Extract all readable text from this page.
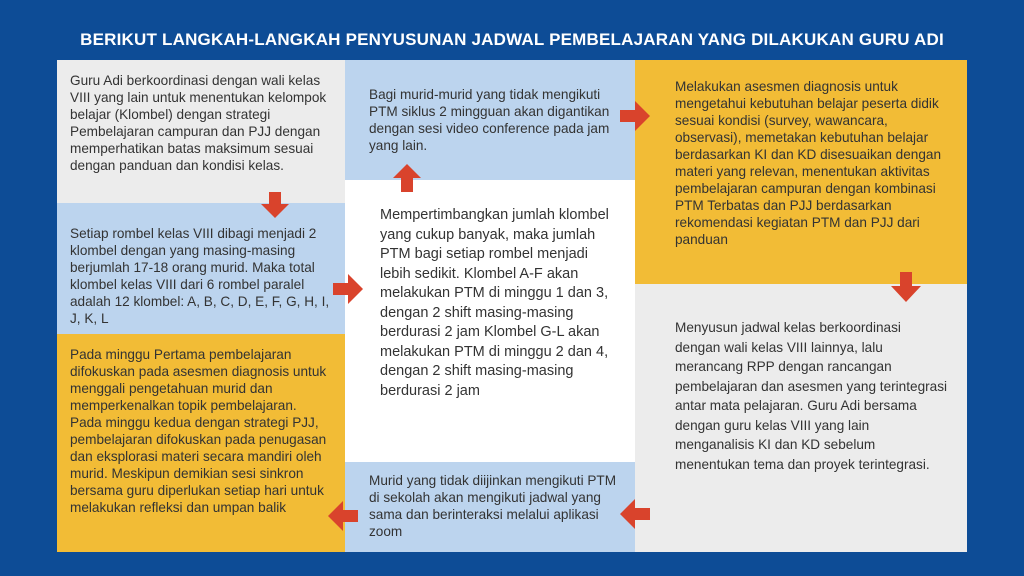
BERIKUT LANGKAH-LANGKAH PENYUSUNAN JADWAL PEMBELAJARAN YANG DILAKUKAN GURU ADI

Guru Adi berkoordinasi dengan wali kelas VIII yang lain untuk menentukan kelompok belajar (Klombel) dengan strategi Pembelajaran campuran dan PJJ dengan memperhatikan batas maksimum sesuai dengan panduan dan kondisi kelas.

Setiap rombel kelas VIII dibagi menjadi 2 klombel dengan yang masing-masing berjumlah 17-18 orang murid. Maka total klombel kelas VIII dari 6 rombel paralel adalah 12 klombel: A, B, C, D, E, F, G, H, I, J, K, L

Pada minggu Pertama pembelajaran difokuskan pada asesmen diagnosis untuk menggali pengetahuan murid dan memperkenalkan topik pembelajaran. Pada minggu kedua dengan strategi PJJ, pembelajaran difokuskan pada penugasan dan eksplorasi materi secara mandiri oleh murid. Meskipun demikian sesi sinkron bersama guru diperlukan setiap hari untuk melakukan refleksi dan umpan balik

Bagi murid-murid yang tidak mengikuti PTM siklus 2 mingguan akan digantikan dengan sesi video conference pada jam yang lain.

Mempertimbangkan jumlah klombel yang cukup banyak, maka jumlah PTM bagi setiap rombel menjadi lebih sedikit. Klombel A-F akan melakukan PTM di minggu 1 dan 3, dengan 2 shift masing-masing berdurasi 2 jam Klombel G-L akan melakukan PTM di minggu 2 dan 4, dengan 2 shift masing-masing berdurasi 2 jam

Murid yang tidak diijinkan mengikuti PTM di sekolah akan mengikuti jadwal yang sama dan berinteraksi melalui aplikasi zoom

Melakukan asesmen diagnosis untuk mengetahui kebutuhan belajar peserta didik sesuai kondisi (survey, wawancara, observasi), memetakan kebutuhan belajar berdasarkan KI dan KD disesuaikan dengan materi yang relevan, menentukan aktivitas pembelajaran campuran dengan kombinasi PTM Terbatas dan PJJ berdasarkan rekomendasi kegiatan PTM dan PJJ dari panduan

Menyusun jadwal kelas berkoordinasi dengan wali kelas VIII lainnya, lalu merancang RPP dengan rancangan pembelajaran dan asesmen yang terintegrasi antar mata pelajaran. Guru Adi bersama dengan guru kelas VIII yang lain menganalisis KI dan KD sebelum menentukan tema dan proyek terintegrasi.
